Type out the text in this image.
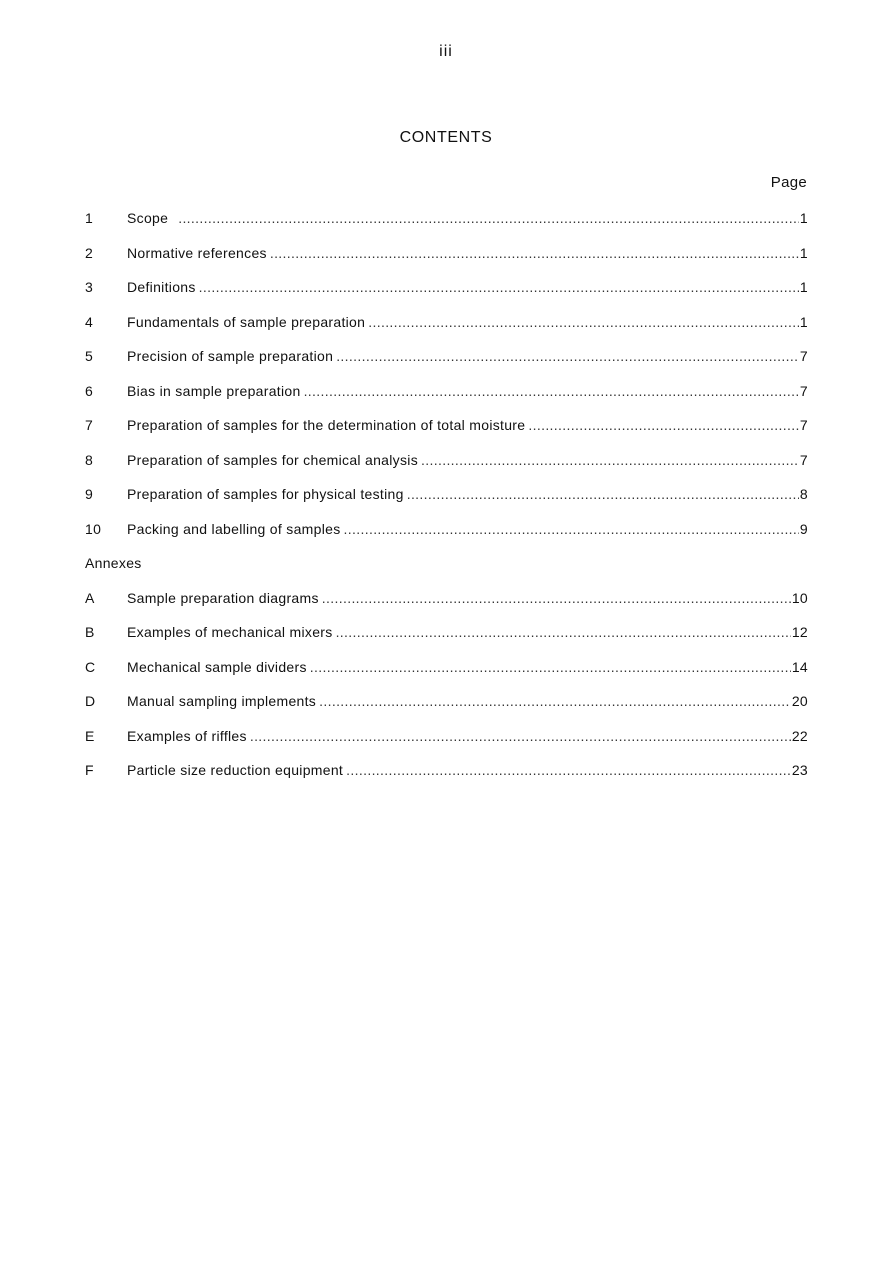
iii
CONTENTS
Page
1	Scope .....	1
2	Normative references .....	1
3	Definitions .....	1
4	Fundamentals of sample preparation .....	1
5	Precision of sample preparation .....	7
6	Bias in sample preparation .....	7
7	Preparation of samples for the determination of total moisture .....	7
8	Preparation of samples for chemical analysis .....	7
9	Preparation of samples for physical testing .....	8
10	Packing and labelling of samples .....	9
Annexes
A	Sample preparation diagrams .....	10
B	Examples of mechanical mixers .....	12
C	Mechanical sample dividers .....	14
D	Manual sampling implements .....	20
E	Examples of riffles .....	22
F	Particle size reduction equipment .....	23
